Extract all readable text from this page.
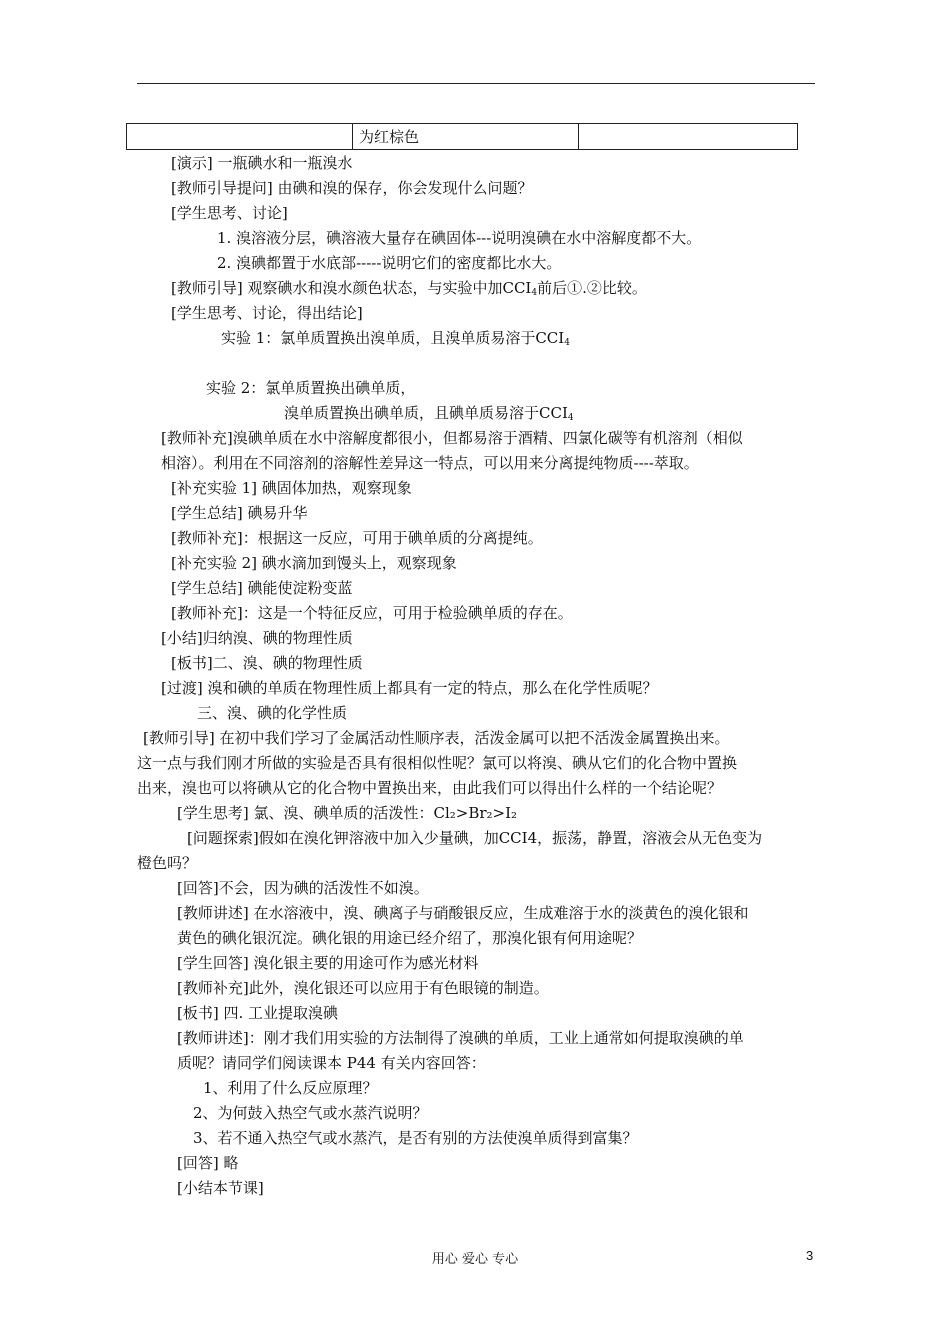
	为红棕色	
[演示] 一瓶碘水和一瓶溴水
[教师引导提问] 由碘和溴的保存，你会发现什么问题？
[学生思考、讨论]
1. 溴溶液分层，碘溶液大量存在碘固体---说明溴碘在水中溶解度都不大。
2. 溴碘都置于水底部-----说明它们的密度都比水大。
[教师引导] 观察碘水和溴水颜色状态，与实验中加$CCI_4$前后①.②比较。
[学生思考、讨论，得出结论]
实验 1：氯单质置换出溴单质，且溴单质易溶于$CCI_4$
实验 2：氯单质置换出碘单质，
溴单质置换出碘单质，且碘单质易溶于$CCI_4$
[教师补充]溴碘单质在水中溶解度都很小，但都易溶于酒精、四氯化碳等有机溶剂（相似
相溶）。利用在不同溶剂的溶解性差异这一特点，可以用来分离提纯物质----萃取。
[补充实验 1] 碘固体加热，观察现象
[学生总结] 碘易升华
[教师补充]：根据这一反应，可用于碘单质的分离提纯。
[补充实验 2] 碘水滴加到馒头上，观察现象
[学生总结] 碘能使淀粉变蓝
[教师补充]：这是一个特征反应，可用于检验碘单质的存在。
[小结]归纳溴、碘的物理性质
[板书]二、溴、碘的物理性质
[过渡] 溴和碘的单质在物理性质上都具有一定的特点，那么在化学性质呢？
三、溴、碘的化学性质
[教师引导] 在初中我们学习了金属活动性顺序表，活泼金属可以把不活泼金属置换出来。
这一点与我们刚才所做的实验是否具有很相似性呢？氯可以将溴、碘从它们的化合物中置换
出来，溴也可以将碘从它的化合物中置换出来，由此我们可以得出什么样的一个结论呢？
[学生思考] 氯、溴、碘单质的活泼性：Cl₂>Br₂>I₂
[问题探索]假如在溴化钾溶液中加入少量碘，加CCI4，振荡，静置，溶液会从无色变为
橙色吗？
[回答]不会，因为碘的活泼性不如溴。
[教师讲述] 在水溶液中，溴、碘离子与硝酸银反应，生成难溶于水的淡黄色的溴化银和
黄色的碘化银沉淀。碘化银的用途已经介绍了，那溴化银有何用途呢？
[学生回答] 溴化银主要的用途可作为感光材料
[教师补充]此外，溴化银还可以应用于有色眼镜的制造。
[板书] 四. 工业提取溴碘
[教师讲述]：刚才我们用实验的方法制得了溴碘的单质，工业上通常如何提取溴碘的单
质呢？请同学们阅读课本 P44 有关内容回答：
1、利用了什么反应原理？
2、为何鼓入热空气或水蒸汽说明？
3、若不通入热空气或水蒸汽，是否有别的方法使溴单质得到富集？
[回答] 略
[小结本节课]
用心 爱心 专心	3
